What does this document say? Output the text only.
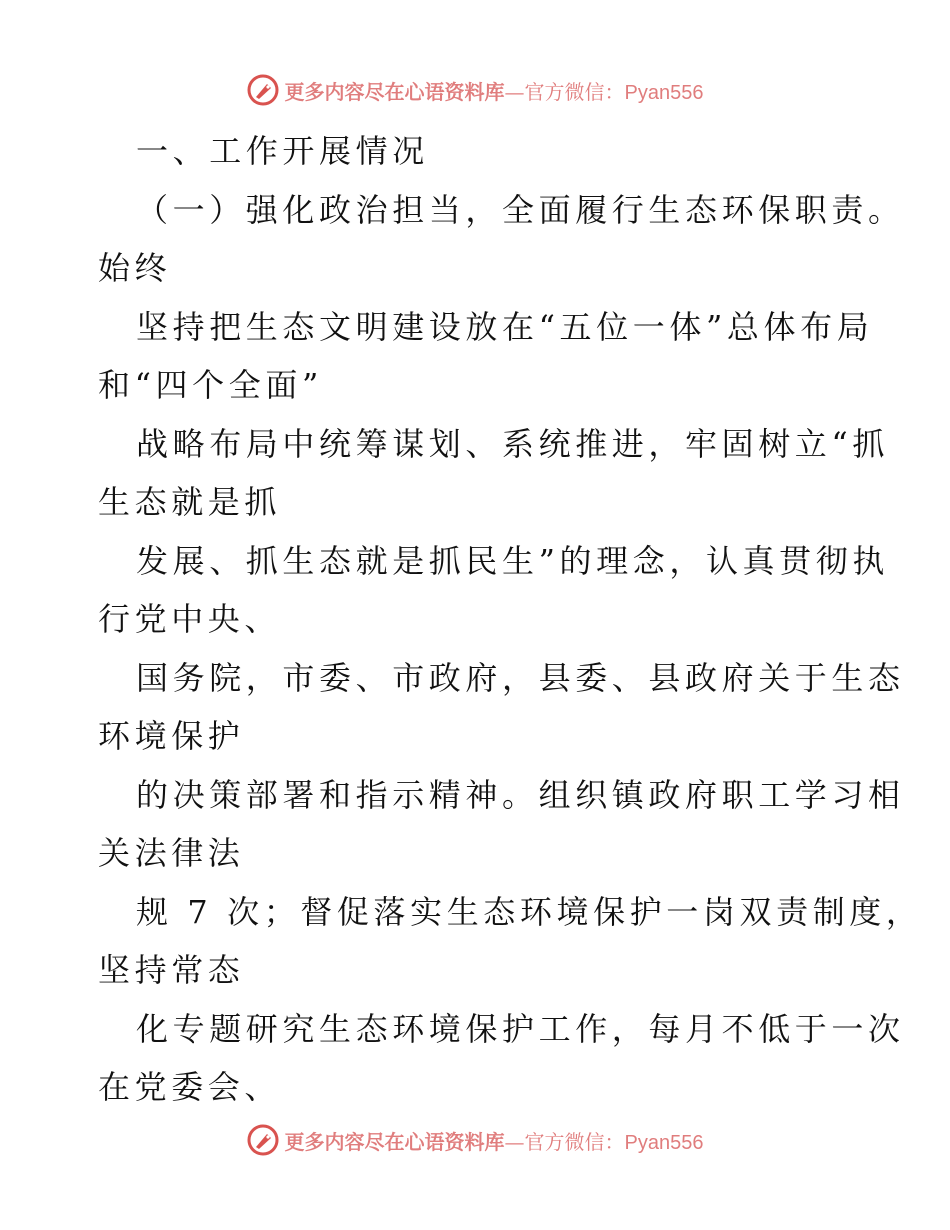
更多内容尽在心语资料库—官方微信：Pyan556
一、工作开展情况
（一）强化政治担当，全面履行生态环保职责。
始终
坚持把生态文明建设放在“五位一体”总体布局
和“四个全面”
战略布局中统筹谋划、系统推进，牢固树立“抓
生态就是抓
发展、抓生态就是抓民生”的理念，认真贯彻执
行党中央、
国务院，市委、市政府，县委、县政府关于生态
环境保护
的决策部署和指示精神。组织镇政府职工学习相
关法律法
规 7 次；督促落实生态环境保护一岗双责制度，
坚持常态
化专题研究生态环境保护工作，每月不低于一次
在党委会、
更多内容尽在心语资料库—官方微信：Pyan556
